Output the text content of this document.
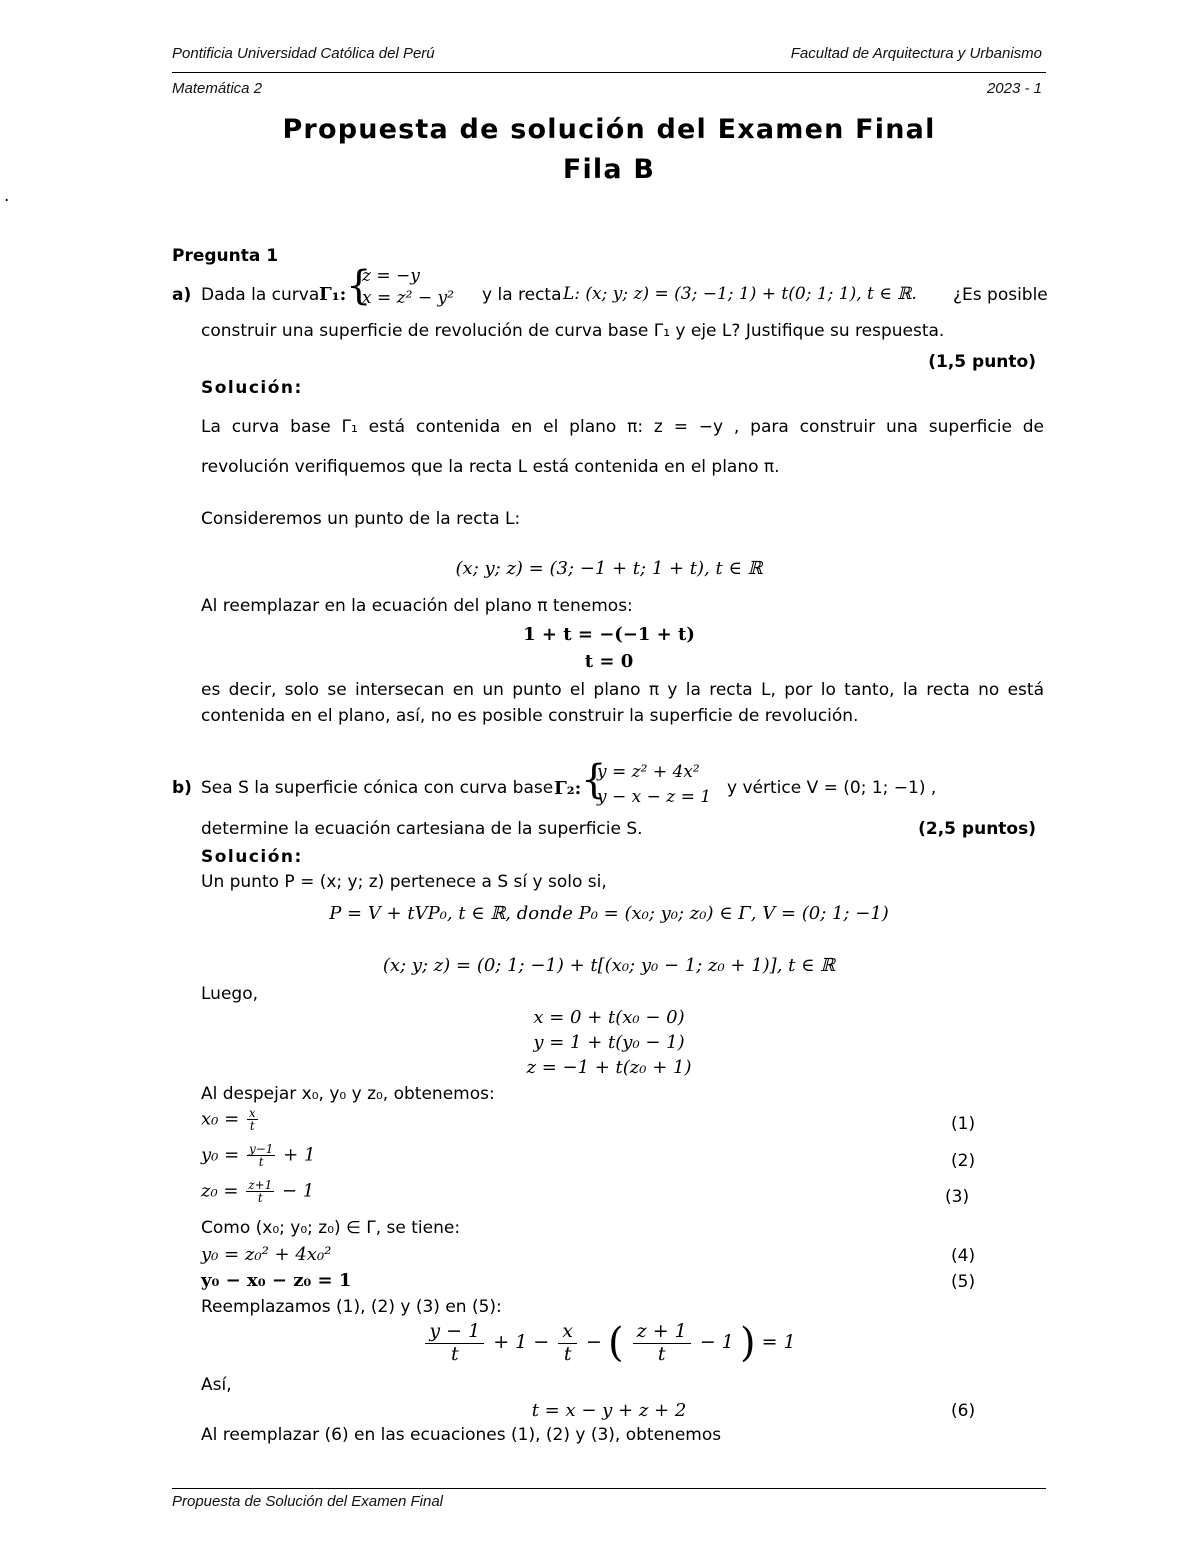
Pontificia Universidad Católica del Perú	Facultad de Arquitectura y Urbanismo
Matemática 2	2023 - 1
.
Propuesta de solución del Examen Final
Fila B
Pregunta 1
a) Dada la curva Γ₁: {
z = −y
x = z² − y² y la recta L: (x; y; z) = (3; −1; 1) + t(0; 1; 1), t ∈ ℝ. ¿Es posible
construir una superficie de revolución de curva base Γ₁ y eje L? Justifique su respuesta.
(1,5 punto)
Solución:
La curva base Γ₁ está contenida en el plano π: z = −y , para construir una superficie de
revolución verifiquemos que la recta L está contenida en el plano π.
Consideremos un punto de la recta L:
(x; y; z) = (3; −1 + t; 1 + t), t ∈ ℝ
Al reemplazar en la ecuación del plano π tenemos:
1 + t = −(−1 + t)
t = 0
es decir, solo se intersecan en un punto el plano π y la recta L, por lo tanto, la recta no está
contenida en el plano, así, no es posible construir la superficie de revolución.
b) Sea S la superficie cónica con curva base Γ₂: {
y = z² + 4x²
y − x − z = 1 y vértice V = (0; 1; −1) ,
determine la ecuación cartesiana de la superficie S.	(2,5 puntos)
Solución:
Un punto P = (x; y; z) pertenece a S sí y solo si,
P = V + tVP₀, t ∈ ℝ, donde P₀ = (x₀; y₀; z₀) ∈ Γ, V = (0; 1; −1)
(x; y; z) = (0; 1; −1) + t[(x₀; y₀ − 1; z₀ + 1)], t ∈ ℝ
Luego,
x = 0 + t(x₀ − 0)
y = 1 + t(y₀ − 1)
z = −1 + t(z₀ + 1)
Al despejar x₀, y₀ y z₀, obtenemos:
$x_0 = \frac{x}{t}$	(1)
$y_0 = \frac{y-1}{t} + 1$	(2)
$z_0 = \frac{z+1}{t} - 1$	(3)
Como (x₀; y₀; z₀) ∈ Γ, se tiene:
y₀ = z₀² + 4x₀²	(4)
y₀ − x₀ − z₀ = 1	(5)
Reemplazamos (1), (2) y (3) en (5):
$\frac{y - 1}{t} + 1 - \frac{x}{t}$ − ( $\frac{z + 1}{t} - 1$ ) = 1
Así,
t = x − y + z + 2	(6)
Al reemplazar (6) en las ecuaciones (1), (2) y (3), obtenemos
Propuesta de Solución del Examen Final
